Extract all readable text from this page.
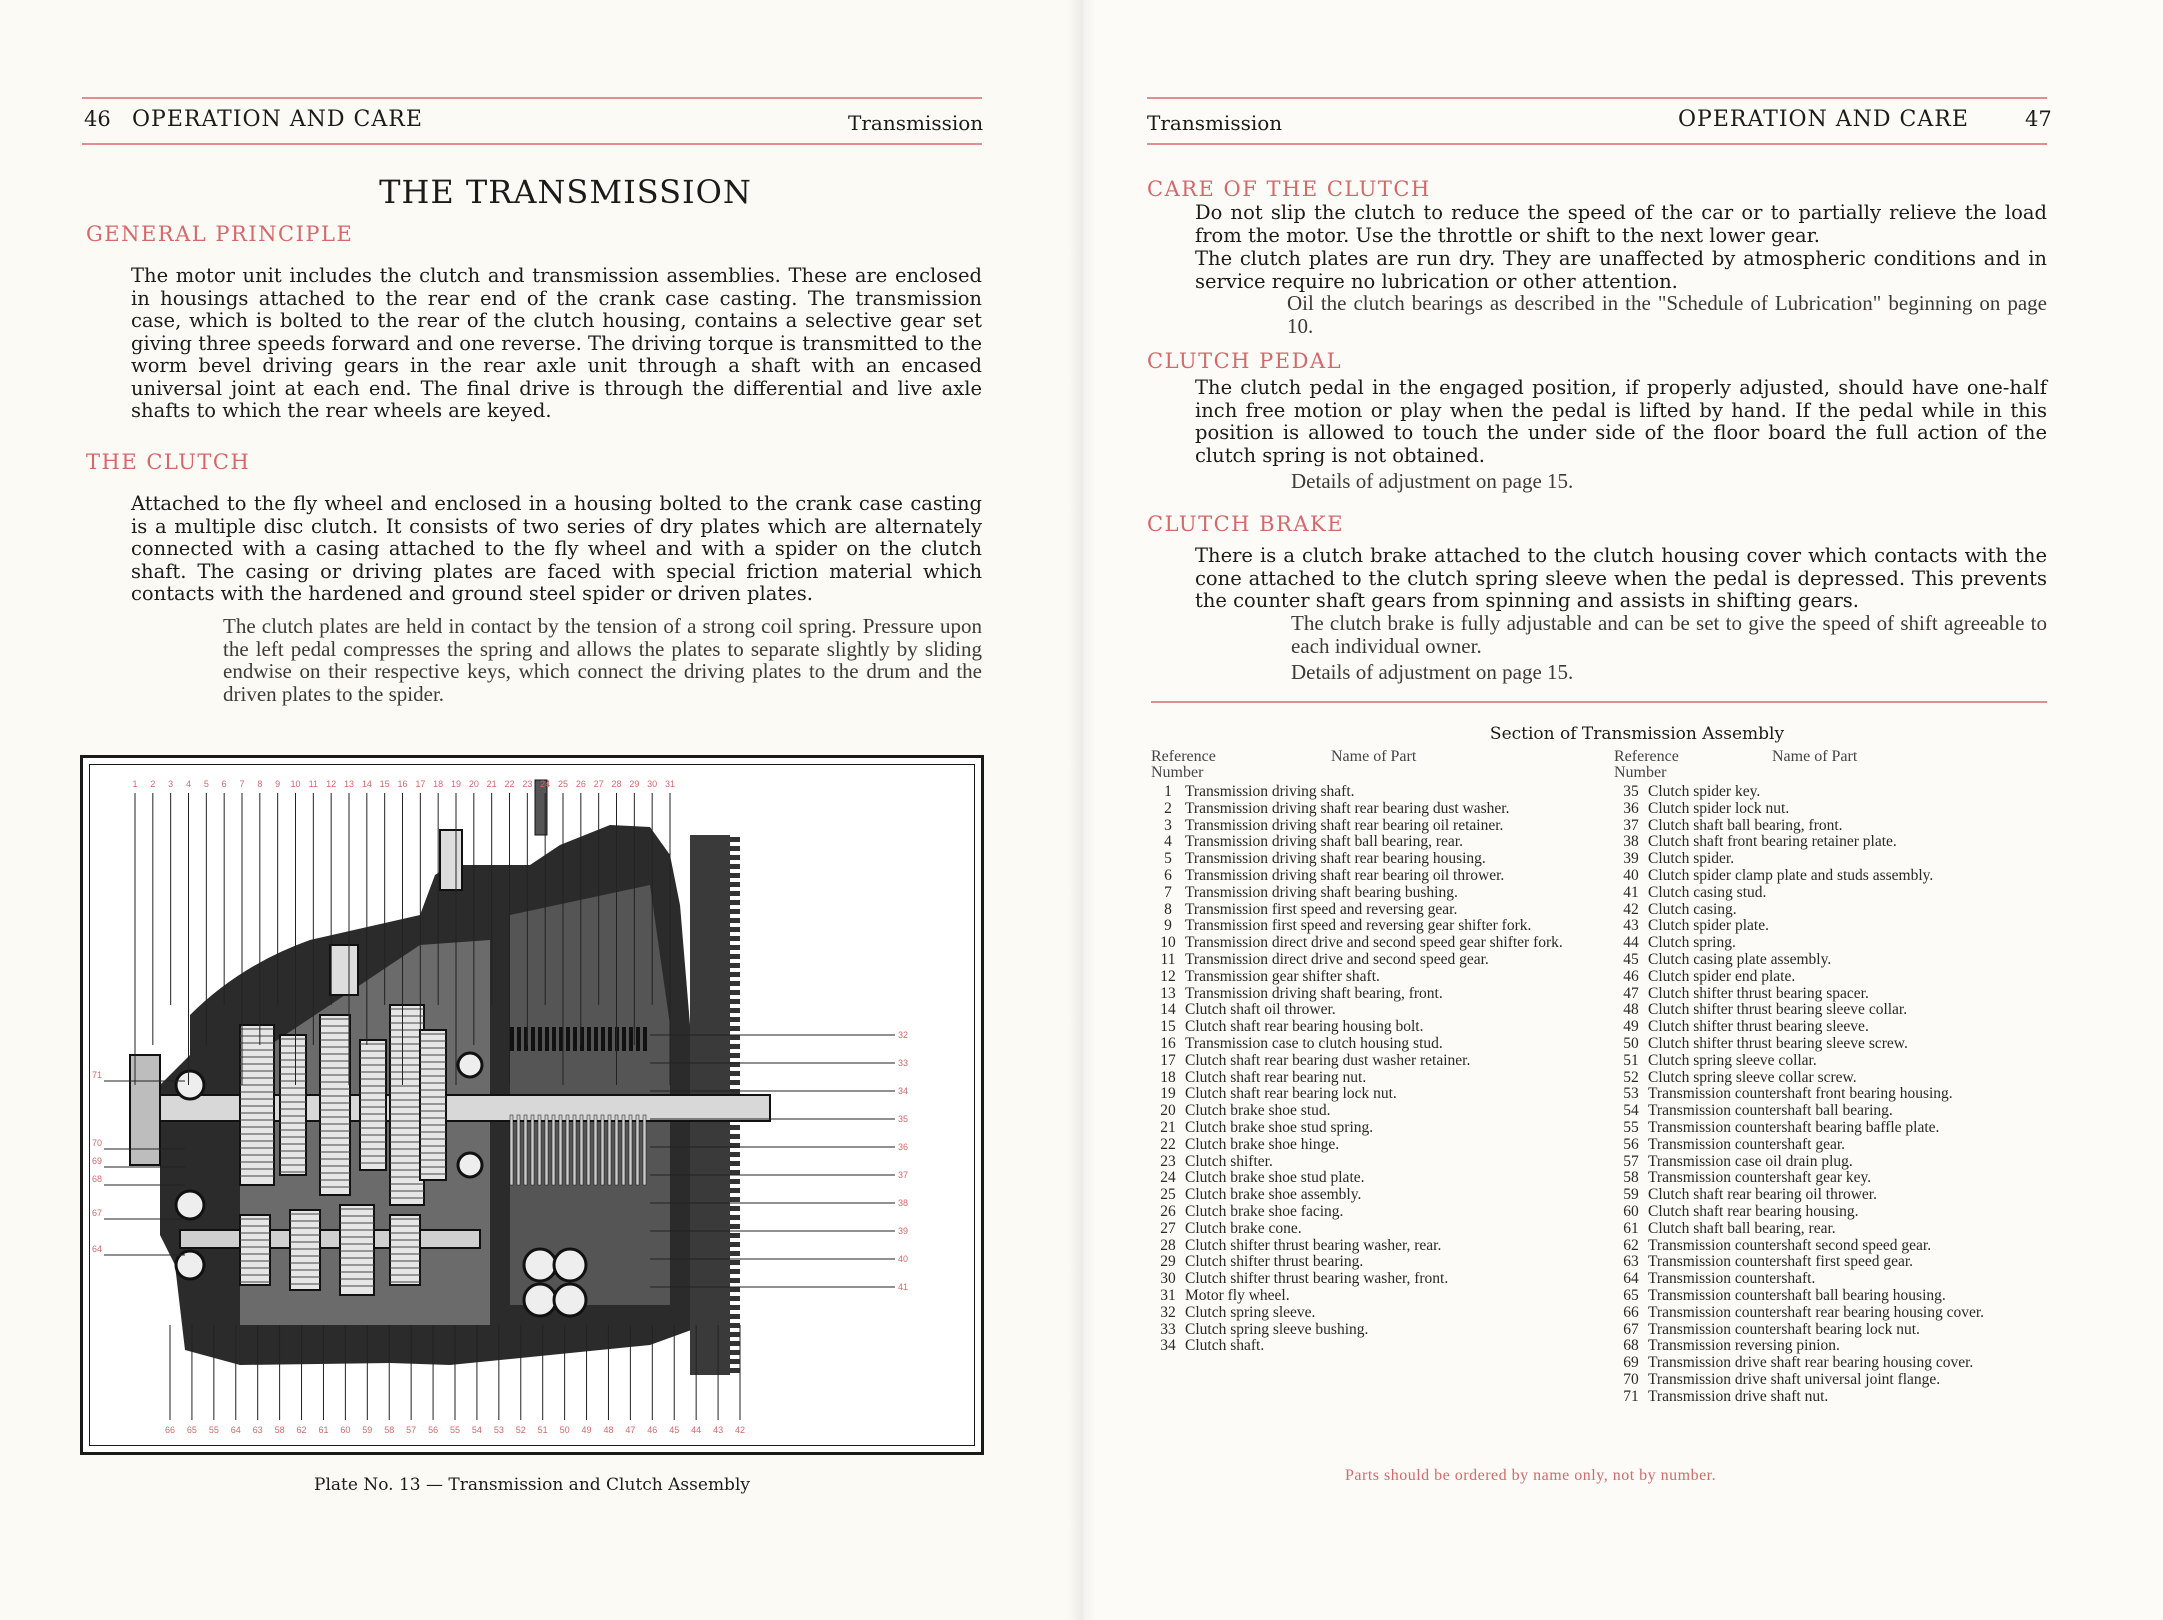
46 OPERATION AND CARE	Transmission
THE TRANSMISSION
GENERAL PRINCIPLE

The motor unit includes the clutch and transmission assemblies. These are enclosed in housings attached to the rear end of the crank case casting. The transmission case, which is bolted to the rear of the clutch housing, contains a selective gear set giving three speeds forward and one reverse. The driving torque is transmitted to the worm bevel driving gears in the rear axle unit through a shaft with an encased universal joint at each end. The final drive is through the differential and live axle shafts to which the rear wheels are keyed.

THE CLUTCH

Attached to the fly wheel and enclosed in a housing bolted to the crank case casting is a multiple disc clutch. It consists of two series of dry plates which are alternately connected with a casing attached to the fly wheel and with a spider on the clutch shaft. The casing or driving plates are faced with special friction material which contacts with the hardened and ground steel spider or driven plates.

The clutch plates are held in contact by the tension of a strong coil spring. Pressure upon the left pedal compresses the spring and allows the plates to separate slightly by sliding endwise on their respective keys, which connect the driving plates to the drum and the driven plates to the spider.

1 2 3 4 5 6 7 8 9 10 11 12 13 14 15 16 17 18 19 20 21 22 23 24 25 26 27 28 29 30 31
32
33
34
35
36
37
38
39
40
41
71
70
69
68
67
64
66 65 55 64 63 58 62 61 60 59 58 57 56 55 54 53 52 51 50 49 48 47 46 45 44 43 42
Plate No. 13 — Transmission and Clutch Assembly
Transmission	OPERATION AND CARE	47
CARE OF THE CLUTCH

Do not slip the clutch to reduce the speed of the car or to partially relieve the load from the motor. Use the throttle or shift to the next lower gear.

The clutch plates are run dry. They are unaffected by atmospheric conditions and in service require no lubrication or other attention.

Oil the clutch bearings as described in the "Schedule of Lubrication" beginning on page 10.

CLUTCH PEDAL

The clutch pedal in the engaged position, if properly adjusted, should have one-half inch free motion or play when the pedal is lifted by hand. If the pedal while in this position is allowed to touch the under side of the floor board the full action of the clutch spring is not obtained.

Details of adjustment on page 15.

CLUTCH BRAKE

There is a clutch brake attached to the clutch housing cover which contacts with the cone attached to the clutch spring sleeve when the pedal is depressed. This prevents the counter shaft gears from spinning and assists in shifting gears.

The clutch brake is fully adjustable and can be set to give the speed of shift agreeable to each individual owner.

Details of adjustment on page 15.

Section of Transmission Assembly
Reference
Number
Name of Part
1 Transmission driving shaft.
2 Transmission driving shaft rear bearing dust washer.
3 Transmission driving shaft rear bearing oil retainer.
4 Transmission driving shaft ball bearing, rear.
5 Transmission driving shaft rear bearing housing.
6 Transmission driving shaft rear bearing oil thrower.
7 Transmission driving shaft bearing bushing.
8 Transmission first speed and reversing gear.
9 Transmission first speed and reversing gear shifter fork.
10 Transmission direct drive and second speed gear shifter fork.
11 Transmission direct drive and second speed gear.
12 Transmission gear shifter shaft.
13 Transmission driving shaft bearing, front.
14 Clutch shaft oil thrower.
15 Clutch shaft rear bearing housing bolt.
16 Transmission case to clutch housing stud.
17 Clutch shaft rear bearing dust washer retainer.
18 Clutch shaft rear bearing nut.
19 Clutch shaft rear bearing lock nut.
20 Clutch brake shoe stud.
21 Clutch brake shoe stud spring.
22 Clutch brake shoe hinge.
23 Clutch shifter.
24 Clutch brake shoe stud plate.
25 Clutch brake shoe assembly.
26 Clutch brake shoe facing.
27 Clutch brake cone.
28 Clutch shifter thrust bearing washer, rear.
29 Clutch shifter thrust bearing.
30 Clutch shifter thrust bearing washer, front.
31 Motor fly wheel.
32 Clutch spring sleeve.
33 Clutch spring sleeve bushing.
34 Clutch shaft.
Reference
Number
Name of Part
35 Clutch spider key.
36 Clutch spider lock nut.
37 Clutch shaft ball bearing, front.
38 Clutch shaft front bearing retainer plate.
39 Clutch spider.
40 Clutch spider clamp plate and studs assembly.
41 Clutch casing stud.
42 Clutch casing.
43 Clutch spider plate.
44 Clutch spring.
45 Clutch casing plate assembly.
46 Clutch spider end plate.
47 Clutch shifter thrust bearing spacer.
48 Clutch shifter thrust bearing sleeve collar.
49 Clutch shifter thrust bearing sleeve.
50 Clutch shifter thrust bearing sleeve screw.
51 Clutch spring sleeve collar.
52 Clutch spring sleeve collar screw.
53 Transmission countershaft front bearing housing.
54 Transmission countershaft ball bearing.
55 Transmission countershaft bearing baffle plate.
56 Transmission countershaft gear.
57 Transmission case oil drain plug.
58 Transmission countershaft gear key.
59 Clutch shaft rear bearing oil thrower.
60 Clutch shaft rear bearing housing.
61 Clutch shaft ball bearing, rear.
62 Transmission countershaft second speed gear.
63 Transmission countershaft first speed gear.
64 Transmission countershaft.
65 Transmission countershaft ball bearing housing.
66 Transmission countershaft rear bearing housing cover.
67 Transmission countershaft bearing lock nut.
68 Transmission reversing pinion.
69 Transmission drive shaft rear bearing housing cover.
70 Transmission drive shaft universal joint flange.
71 Transmission drive shaft nut.
Parts should be ordered by name only, not by number.
